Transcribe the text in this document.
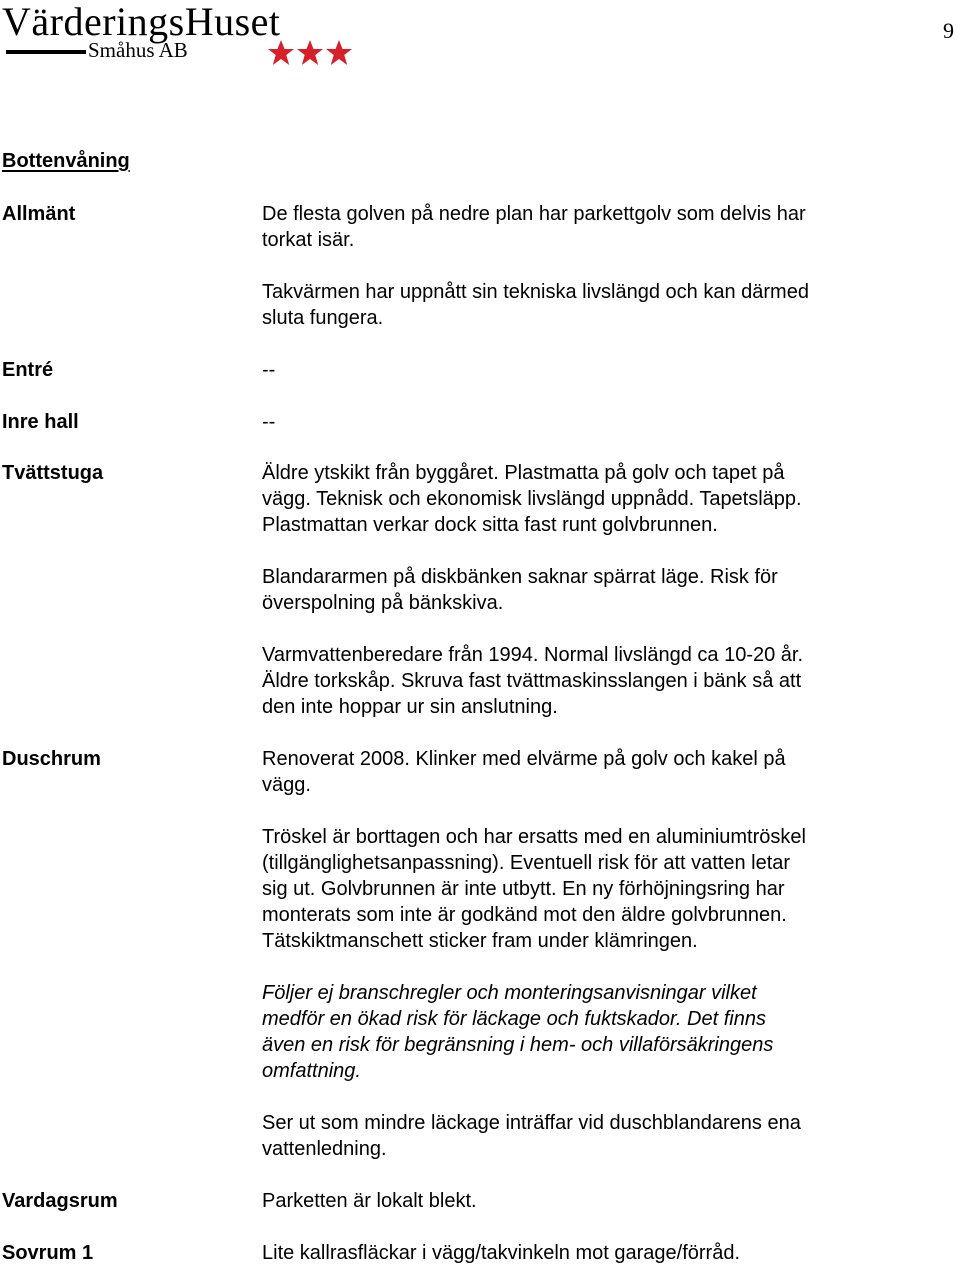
VärderingsHuset
Småhus AB
9
Bottenvåning
Allmänt	De flesta golven på nedre plan har parkettgolv som delvis har
torkat isär.

Takvärmen har uppnått sin tekniska livslängd och kan därmed
sluta fungera.

Entré	--
Inre hall	--
Tvättstuga	Äldre ytskikt från byggåret. Plastmatta på golv och tapet på
vägg. Teknisk och ekonomisk livslängd uppnådd. Tapetsläpp.
Plastmattan verkar dock sitta fast runt golvbrunnen.

Blandararmen på diskbänken saknar spärrat läge. Risk för
överspolning på bänkskiva.

Varmvattenberedare från 1994. Normal livslängd ca 10-20 år.
Äldre torkskåp. Skruva fast tvättmaskinsslangen i bänk så att
den inte hoppar ur sin anslutning.

Duschrum	Renoverat 2008. Klinker med elvärme på golv och kakel på
vägg.

Tröskel är borttagen och har ersatts med en aluminiumtröskel
(tillgänglighetsanpassning). Eventuell risk för att vatten letar
sig ut. Golvbrunnen är inte utbytt. En ny förhöjningsring har
monterats som inte är godkänd mot den äldre golvbrunnen.
Tätskiktmanschett sticker fram under klämringen.

Följer ej branschregler och monteringsanvisningar vilket
medför en ökad risk för läckage och fuktskador. Det finns
även en risk för begränsning i hem- och villaförsäkringens
omfattning.

Ser ut som mindre läckage inträffar vid duschblandarens ena
vattenledning.

Vardagsrum	Parketten är lokalt blekt.
Sovrum 1	Lite kallrasfläckar i vägg/takvinkeln mot garage/förråd.
